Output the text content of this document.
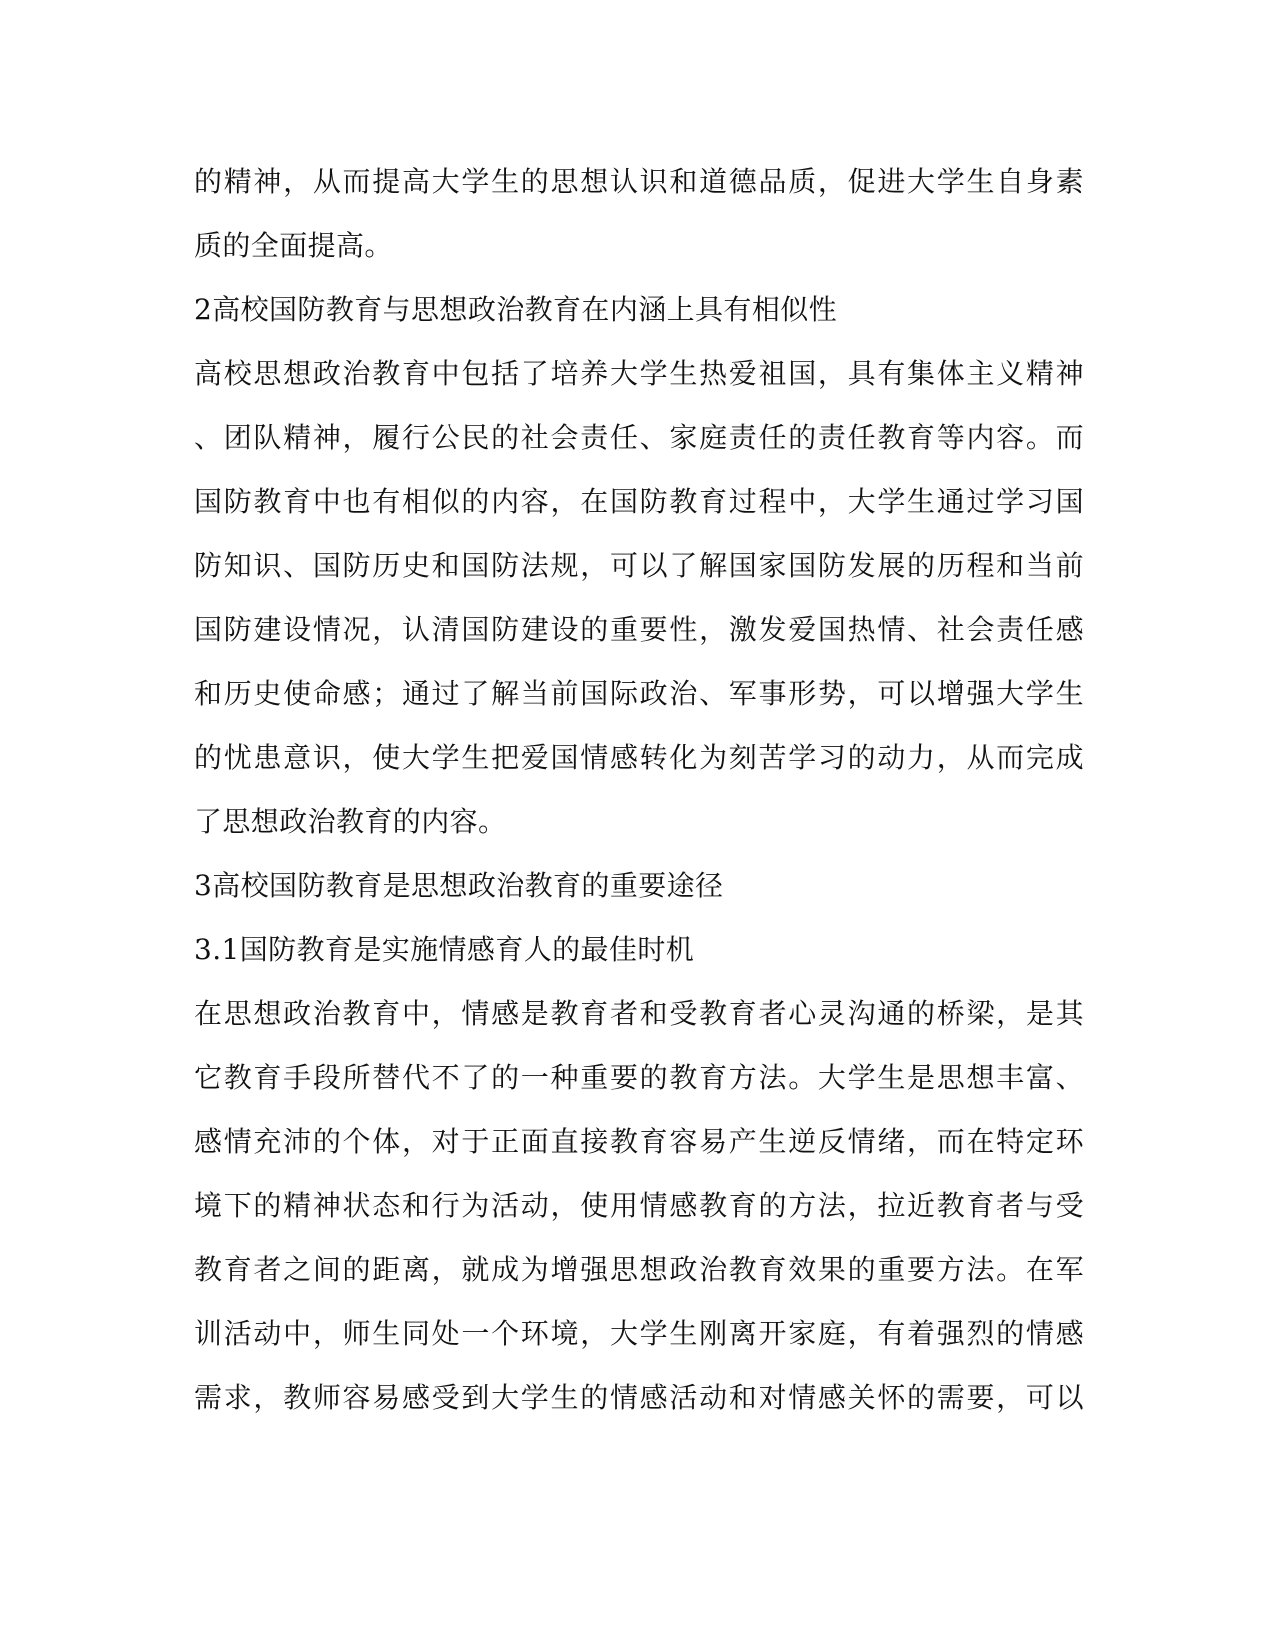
的精神，从而提高大学生的思想认识和道德品质，促进大学生自身素
质的全面提高。
2高校国防教育与思想政治教育在内涵上具有相似性
高校思想政治教育中包括了培养大学生热爱祖国，具有集体主义精神
、团队精神，履行公民的社会责任、家庭责任的责任教育等内容。而
国防教育中也有相似的内容，在国防教育过程中，大学生通过学习国
防知识、国防历史和国防法规，可以了解国家国防发展的历程和当前
国防建设情况，认清国防建设的重要性，激发爱国热情、社会责任感
和历史使命感；通过了解当前国际政治、军事形势，可以增强大学生
的忧患意识，使大学生把爱国情感转化为刻苦学习的动力，从而完成
了思想政治教育的内容。
3高校国防教育是思想政治教育的重要途径
3.1国防教育是实施情感育人的最佳时机
在思想政治教育中，情感是教育者和受教育者心灵沟通的桥梁，是其
它教育手段所替代不了的一种重要的教育方法。大学生是思想丰富、
感情充沛的个体，对于正面直接教育容易产生逆反情绪，而在特定环
境下的精神状态和行为活动，使用情感教育的方法，拉近教育者与受
教育者之间的距离，就成为增强思想政治教育效果的重要方法。在军
训活动中，师生同处一个环境，大学生刚离开家庭，有着强烈的情感
需求，教师容易感受到大学生的情感活动和对情感关怀的需要，可以
